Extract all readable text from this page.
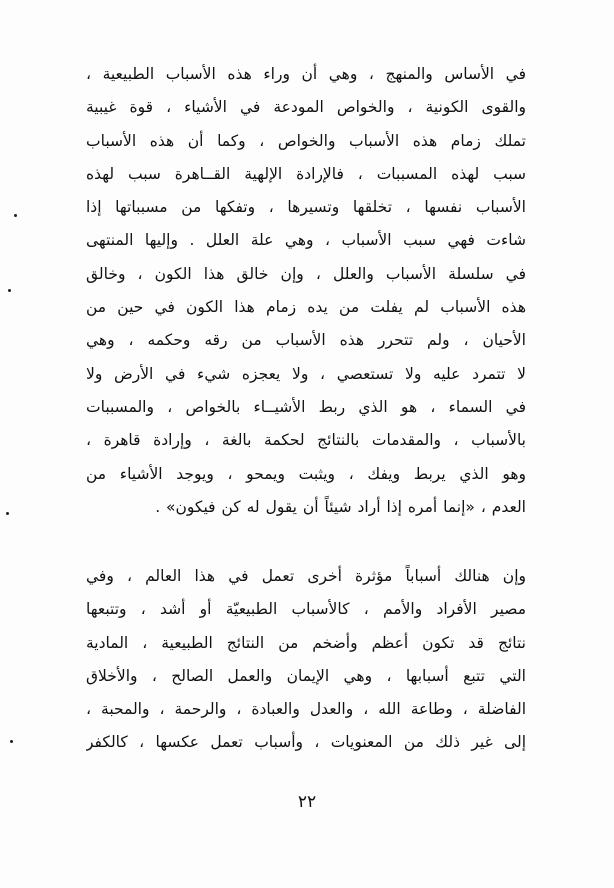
في الأساس والمنهج ، وهي أن وراء هذه الأسباب الطبيعية ،
والقوى الكونية ، والخواص المودعة في الأشياء ، قوة غيبية
تملك زمام هذه الأسباب والخواص ، وكما أن هذه الأسباب
سبب لهذه المسببات ، فالإرادة الإلهية القــاهرة سبب لهذه
الأسباب نفسها ، تخلقها وتسيرها ، وتفكها من مسبباتها إذا
شاءت فهي سبب الأسباب ، وهي علة العلل . وإليها المنتهى
في سلسلة الأسباب والعلل ، وإن خالق هذا الكون ، وخالق
هذه الأسباب لم يفلت من يده زمام هذا الكون في حين من
الأحيان ، ولم تتحرر هذه الأسباب من رقه وحكمه ، وهي
لا تتمرد عليه ولا تستعصي ، ولا يعجزه شيء في الأرض ولا
في السماء ، هو الذي ربط الأشيــاء بالخواص ، والمسببات
بالأسباب ، والمقدمات بالنتائج لحكمة بالغة ، وإرادة قاهرة ،
وهو الذي يربط ويفك ، ويثبت ويمحو ، ويوجد الأشياء من
العدم ، «إنما أمره إذا أراد شيئاً أن يقول له كن فيكون» .
وإن هنالك أسباباً مؤثرة أخرى تعمل في هذا العالم ، وفي
مصير الأفراد والأمم ، كالأسباب الطبيعيّة أو أشد ، وتتبعها
نتائج قد تكون أعظم وأضخم من النتائج الطبيعية ، المادية
التي تتبع أسبابها ، وهي الإيمان والعمل الصالح ، والأخلاق
الفاضلة ، وطاعة الله ، والعدل والعبادة ، والرحمة ، والمحبة ،
إلى غير ذلك من المعنويات ، وأسباب تعمل عكسها ، كالكفر
٢٢
